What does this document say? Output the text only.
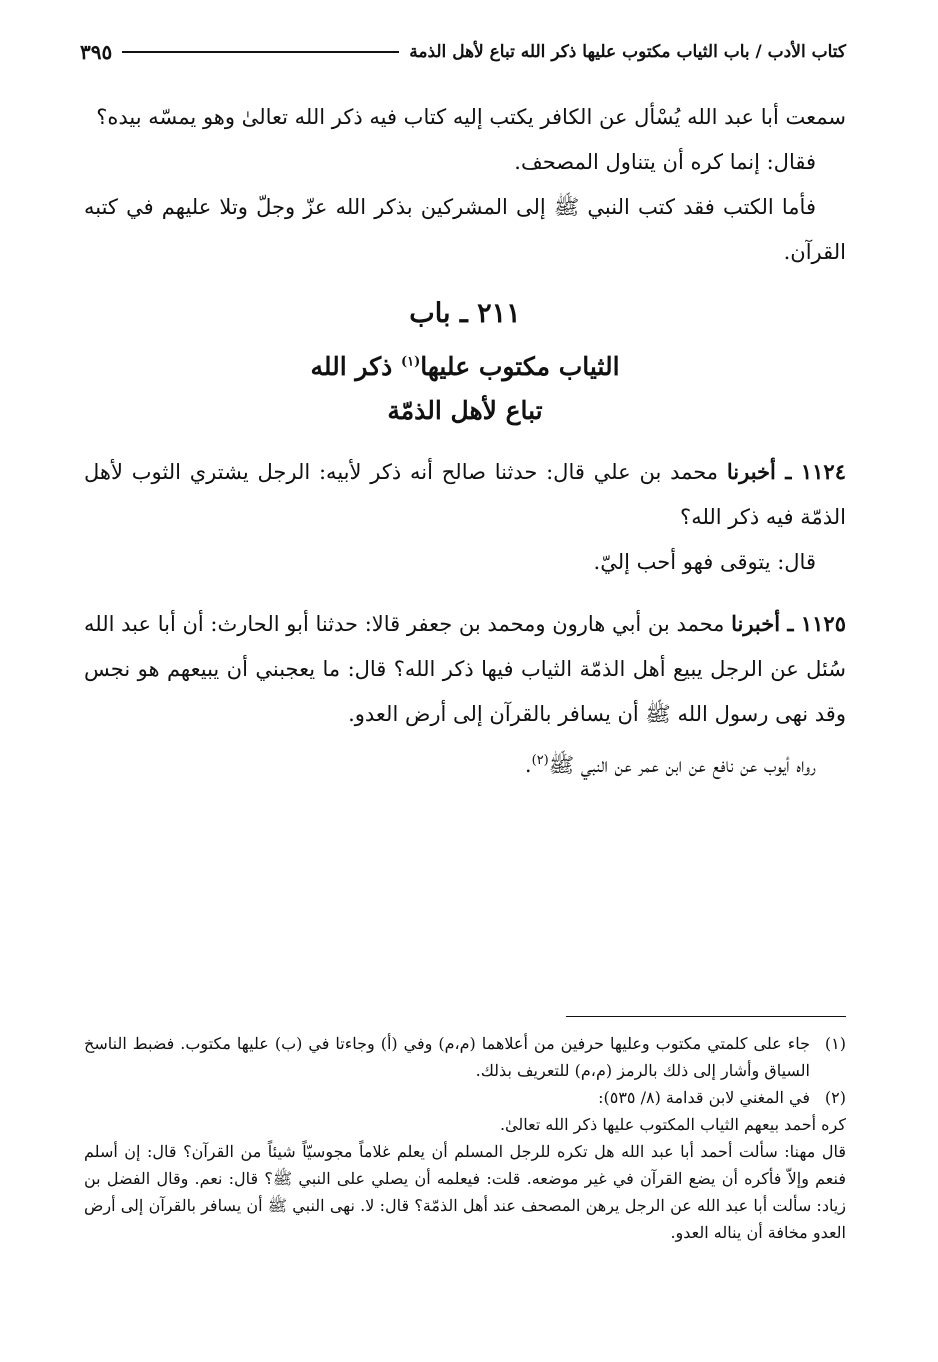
كتاب الأدب / باب الثياب مكتوب عليها ذكر الله تباع لأهل الذمة
٣٩٥

سمعت أبا عبد الله يُسْأل عن الكافر يكتب إليه كتاب فيه ذكر الله تعالىٰ وهو يمسّه بيده؟

فقال: إنما كره أن يتناول المصحف.

فأما الكتب فقد كتب النبي ﷺ إلى المشركين بذكر الله عزّ وجلّ وتلا عليهم في كتبه القرآن.

٢١١ ـ باب
الثياب مكتوب عليها$^{(١)}$ ذكر الله
تباع لأهل الذمّة

١١٢٤ ـ أخبرنا محمد بن علي قال: حدثنا صالح أنه ذكر لأبيه: الرجل يشتري الثوب لأهل الذمّة فيه ذكر الله؟

قال: يتوقى فهو أحب إليّ.

١١٢٥ ـ أخبرنا محمد بن أبي هارون ومحمد بن جعفر قالا: حدثنا أبو الحارث: أن أبا عبد الله سُئل عن الرجل يبيع أهل الذمّة الثياب فيها ذكر الله؟ قال: ما يعجبني أن يبيعهم هو نجس وقد نهى رسول الله ﷺ أن يسافر بالقرآن إلى أرض العدو.

رواه أيوب عن نافع عن ابن عمر عن النبي ﷺ$^{(٢)}$.

(١)
جاء على كلمتي مكتوب وعليها حرفين من أعلاهما (م،م) وفي (أ) وجاءتا في (ب) عليها مكتوب. فضبط الناسخ السياق وأشار إلى ذلك بالرمز (م،م) للتعريف بذلك.

(٢)
في المغني لابن قدامة (٨/ ٥٣٥):

كره أحمد بيعهم الثياب المكتوب عليها ذكر الله تعالىٰ.

قال مهنا: سألت أحمد أبا عبد الله هل تكره للرجل المسلم أن يعلم غلاماً مجوسيّاً شيئاً من القرآن؟ قال: إن أسلم فنعم وإلاّ فأكره أن يضع القرآن في غير موضعه. قلت: فيعلمه أن يصلي على النبي ﷺ؟ قال: نعم. وقال الفضل بن زياد: سألت أبا عبد الله عن الرجل يرهن المصحف عند أهل الذمّة؟ قال: لا. نهى النبي ﷺ أن يسافر بالقرآن إلى أرض العدو مخافة أن يناله العدو.
